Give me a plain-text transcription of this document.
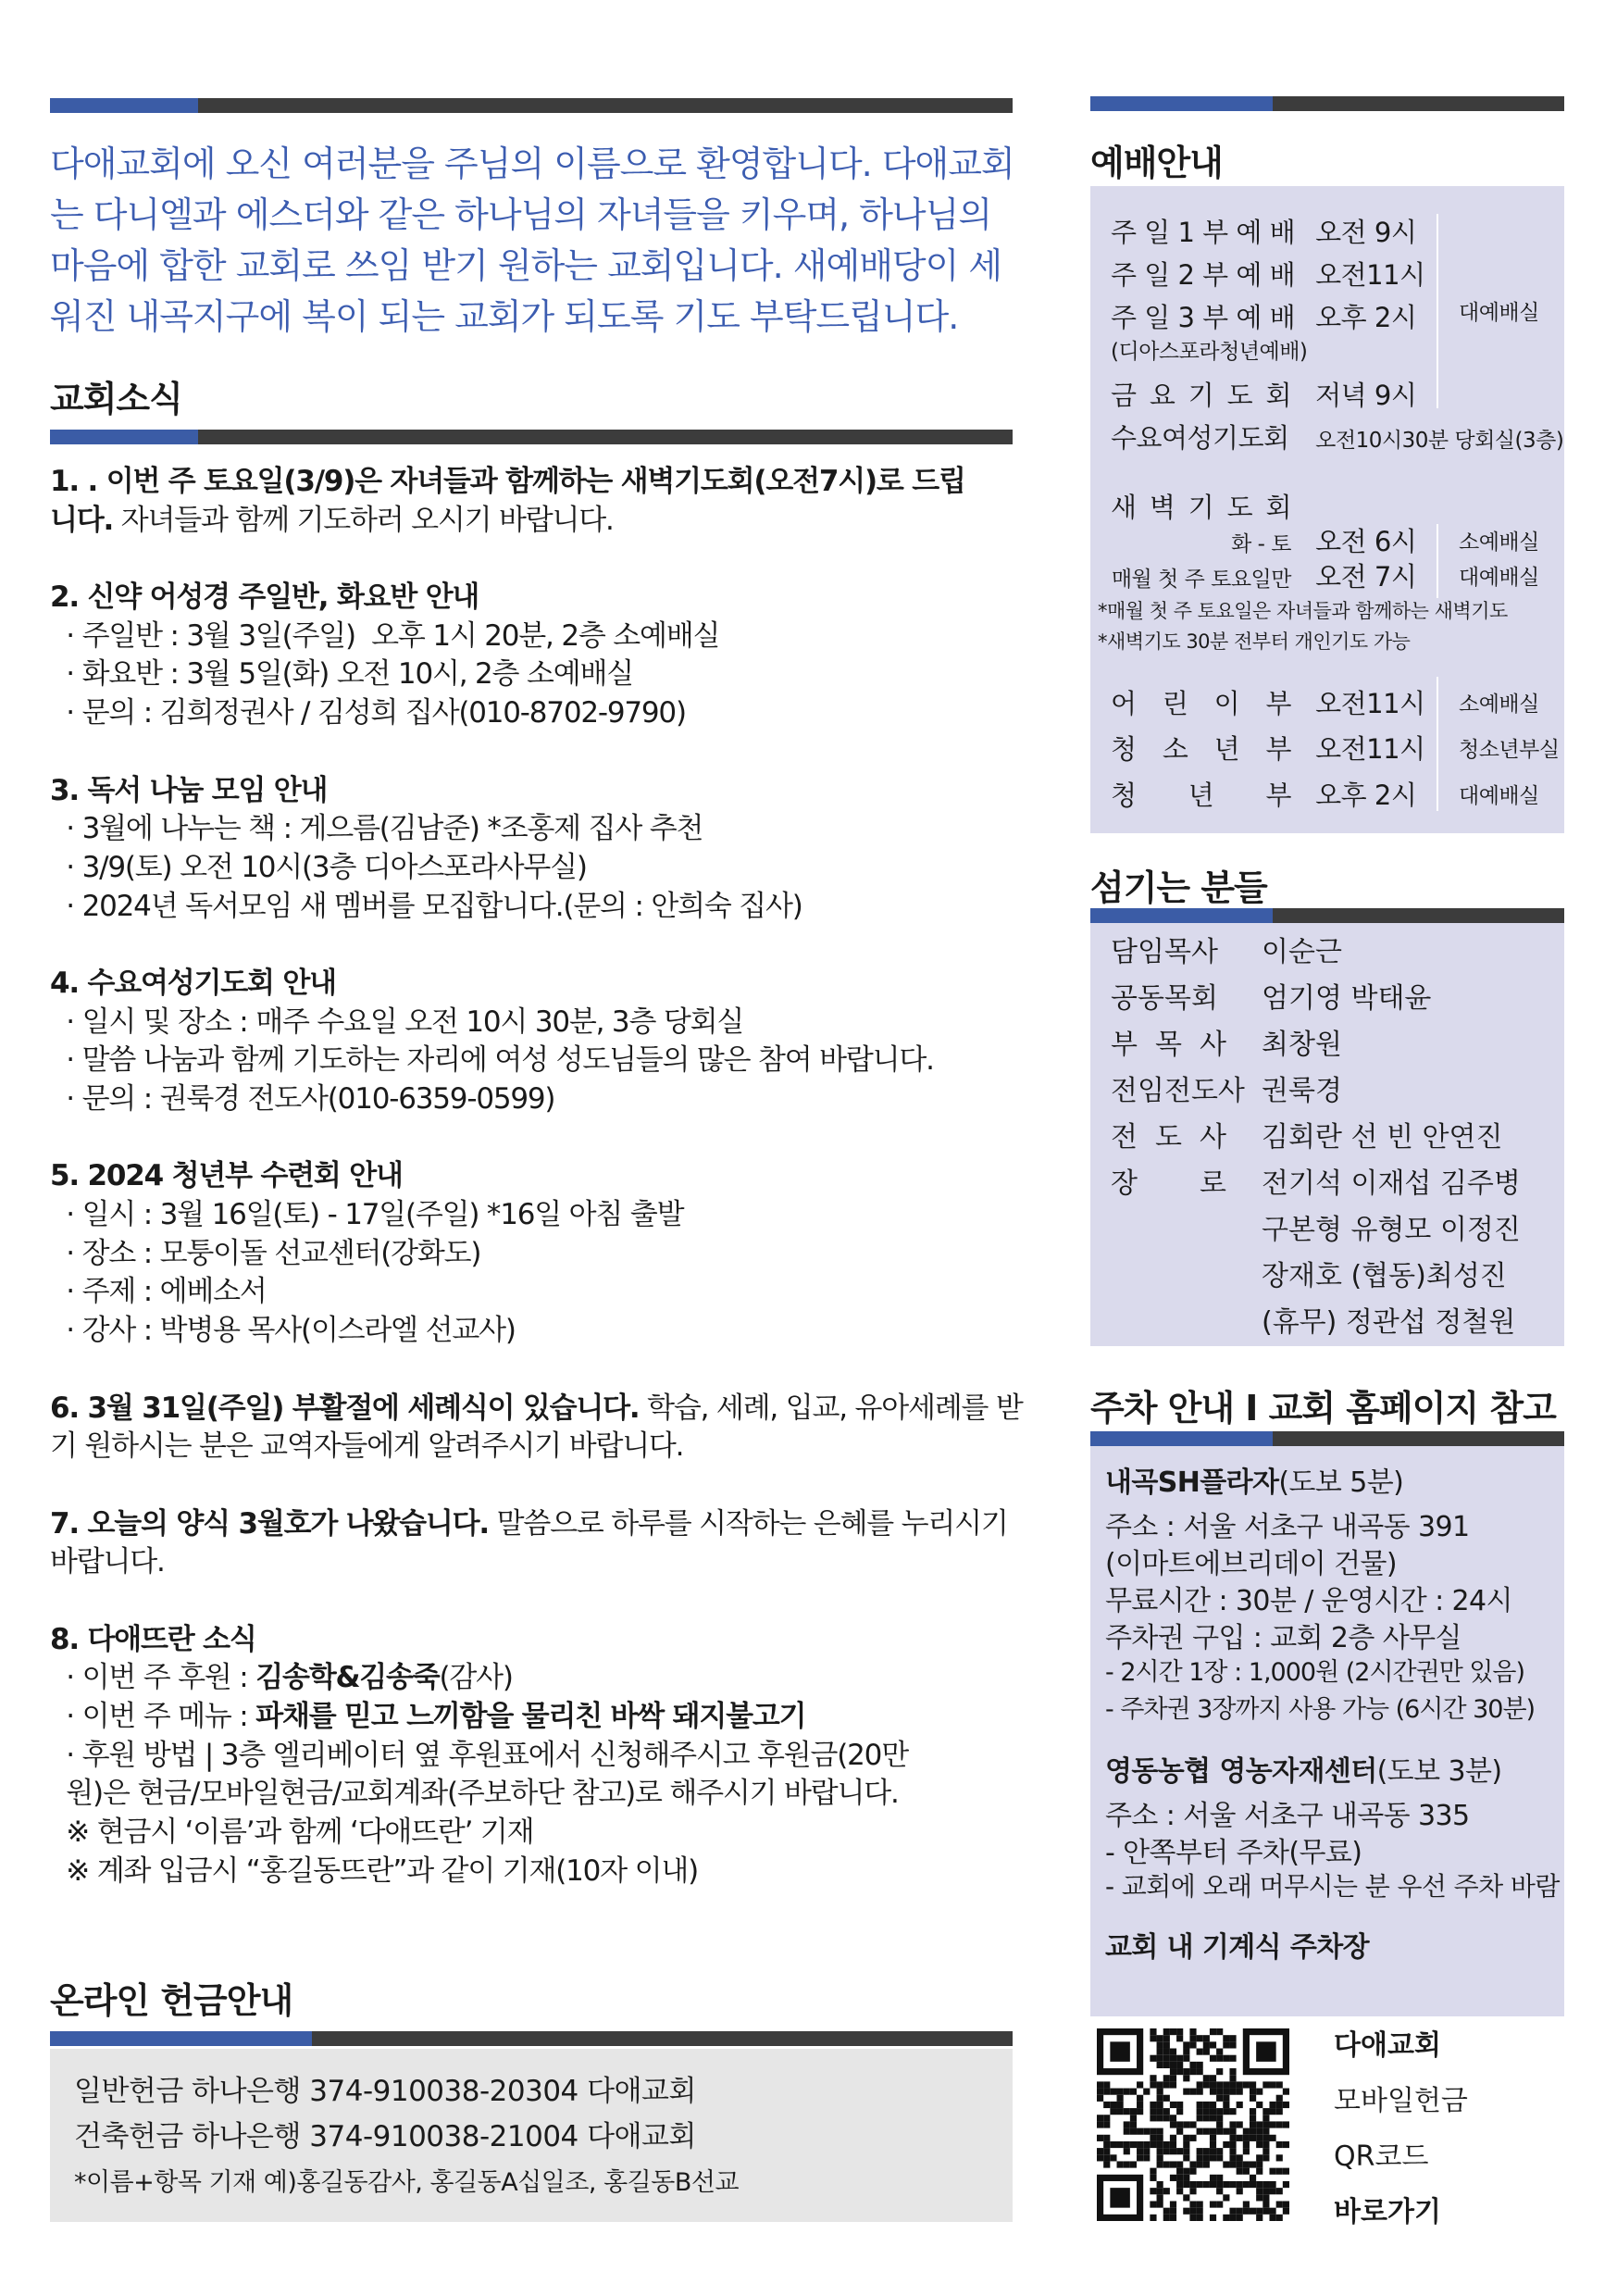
다애교회에 오신 여러분을 주님의 이름으로 환영합니다. 다애교회
는 다니엘과 에스더와 같은 하나님의 자녀들을 키우며, 하나님의
마음에 합한 교회로 쓰임 받기 원하는 교회입니다. 새예배당이 세
워진 내곡지구에 복이 되는 교회가 되도록 기도 부탁드립니다.
교회소식
1. . 이번 주 토요일(3/9)은 자녀들과 함께하는 새벽기도회(오전7시)로 드립
니다. 자녀들과 함께 기도하러 오시기 바랍니다.
2. 신약 어성경 주일반, 화요반 안내
· 주일반 : 3월 3일(주일)  오후 1시 20분, 2층 소예배실
· 화요반 : 3월 5일(화) 오전 10시, 2층 소예배실
· 문의 : 김희정권사 / 김성희 집사(010-8702-9790)
3. 독서 나눔 모임 안내
· 3월에 나누는 책 : 게으름(김남준) *조홍제 집사 추천
· 3/9(토) 오전 10시(3층 디아스포라사무실)
· 2024년 독서모임 새 멤버를 모집합니다.(문의 : 안희숙 집사)
4. 수요여성기도회 안내
· 일시 및 장소 : 매주 수요일 오전 10시 30분, 3층 당회실
· 말씀 나눔과 함께 기도하는 자리에 여성 성도님들의 많은 참여 바랍니다.
· 문의 : 권룩경 전도사(010-6359-0599)
5. 2024 청년부 수련회 안내
· 일시 : 3월 16일(토) - 17일(주일) *16일 아침 출발
· 장소 : 모퉁이돌 선교센터(강화도)
· 주제 : 에베소서
· 강사 : 박병용 목사(이스라엘 선교사)
6. 3월 31일(주일) 부활절에 세례식이 있습니다. 학습, 세례, 입교, 유아세례를 받
기 원하시는 분은 교역자들에게 알려주시기 바랍니다.
7. 오늘의 양식 3월호가 나왔습니다. 말씀으로 하루를 시작하는 은혜를 누리시기
바랍니다.
8. 다애뜨란 소식
· 이번 주 후원 : 김송학&김송죽(감사)
· 이번 주 메뉴 : 파채를 믿고 느끼함을 물리친 바싹 돼지불고기
· 후원 방법 | 3층 엘리베이터 옆 후원표에서 신청해주시고 후원금(20만
원)은 현금/모바일현금/교회계좌(주보하단 참고)로 해주시기 바랍니다.
※ 현금시 ‘이름’과 함께 ‘다애뜨란’ 기재
※ 계좌 입금시 “홍길동뜨란”과 같이 기재(10자 이내)
온라인 헌금안내
일반헌금 하나은행 374-910038-20304 다애교회
건축헌금 하나은행 374-910038-21004 다애교회
*이름+항목 기재 예)홍길동감사, 홍길동A십일조, 홍길동B선교
예배안내
주 일 1 부 예 배 오전 9시
주 일 2 부 예 배 오전11시
주 일 3 부 예 배 오후 2시
(디아스포라청년예배)
금 요 기 도 회 저녁 9시
대예배실
수요여성기도회 오전10시30분 당회실(3층)
새 벽 기 도 회
화 - 토 오전 6시 소예배실
매월 첫 주 토요일만 오전 7시 대예배실
*매월 첫 주 토요일은 자녀들과 함께하는 새벽기도
*새벽기도 30분 전부터 개인기도 가능
어 린 이 부 오전11시 소예배실
청 소 년 부 오전11시 청소년부실
청 년 부 오후 2시 대예배실
섬기는 분들
담임목사 이순근
공동목회 엄기영 박태윤
부 목 사 최창원
전임전도사 권룩경
전 도 사 김회란 선 빈 안연진
장 로 전기석 이재섭 김주병
구본형 유형모 이정진
장재호 (협동)최성진
(휴무) 정관섭 정철원
주차 안내 I 교회 홈페이지 참고
내곡SH플라자(도보 5분)
주소 : 서울 서초구 내곡동 391
(이마트에브리데이 건물)
무료시간 : 30분 / 운영시간 : 24시
주차권 구입 : 교회 2층 사무실
- 2시간 1장 : 1,000원 (2시간권만 있음)
- 주차권 3장까지 사용 가능 (6시간 30분)
영동농협 영농자재센터(도보 3분)
주소 : 서울 서초구 내곡동 335
- 안쪽부터 주차(무료)
- 교회에 오래 머무시는 분 우선 주차 바람
교회 내 기계식 주차장
다애교회
모바일헌금
QR코드
바로가기
